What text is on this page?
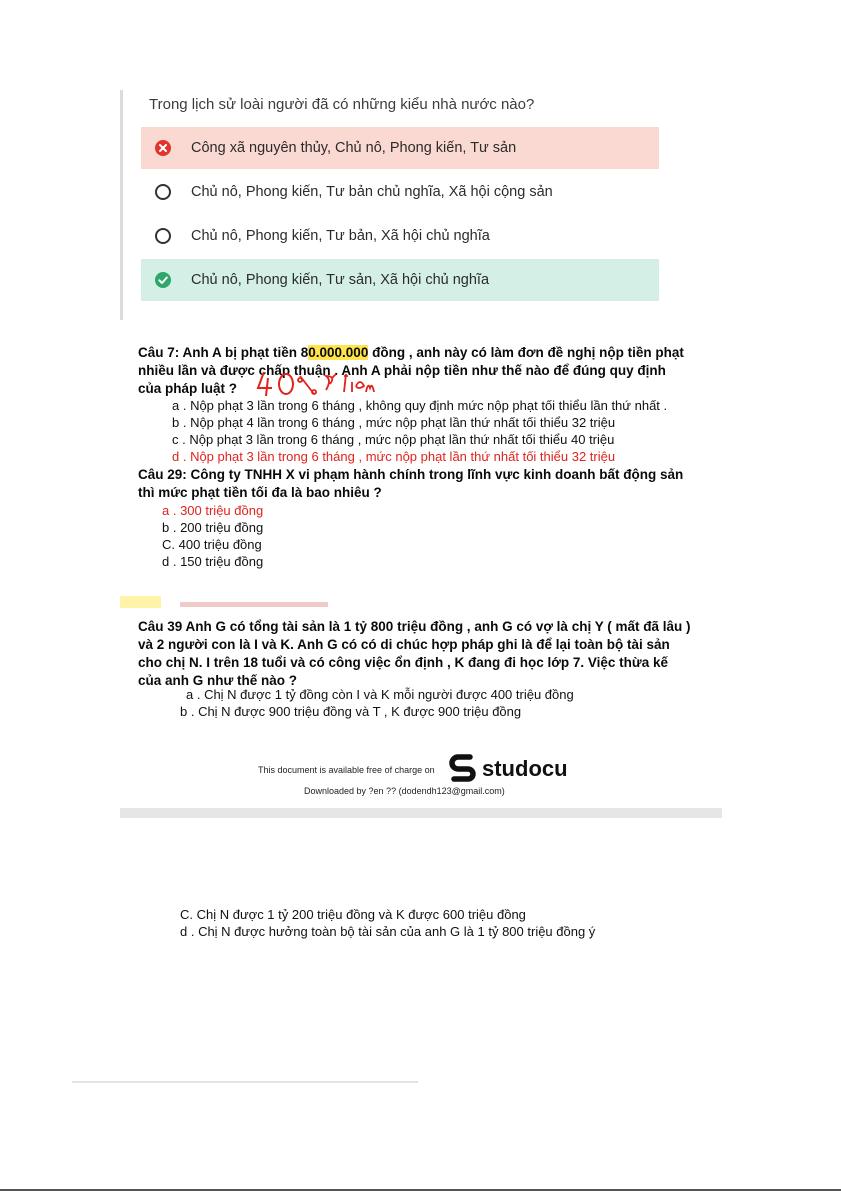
Trong lịch sử loài người đã có những kiểu nhà nước nào?
Công xã nguyên thủy, Chủ nô, Phong kiến, Tư sản
Chủ nô, Phong kiến, Tư bản chủ nghĩa, Xã hội cộng sản
Chủ nô, Phong kiến, Tư bản, Xã hội chủ nghĩa
Chủ nô, Phong kiến, Tư sản, Xã hội chủ nghĩa
Câu 7: Anh A bị phạt tiền 80.000.000 đồng , anh này có làm đơn đề nghị nộp tiền phạt
nhiều lần và được chấp thuận . Anh A phải nộp tiền như thế nào để đúng quy định
của pháp luật ?
a . Nộp phạt 3 lần trong 6 tháng , không quy định mức nộp phạt tối thiểu lần thứ nhất .
b . Nộp phạt 4 lần trong 6 tháng , mức nộp phạt lần thứ nhất tối thiểu 32 triệu
c . Nộp phạt 3 lần trong 6 tháng , mức nộp phạt lần thứ nhất tối thiểu 40 triệu
d . Nộp phạt 3 lần trong 6 tháng , mức nộp phạt lần thứ nhất tối thiểu 32 triệu
Câu 29: Công ty TNHH X vi phạm hành chính trong lĩnh vực kinh doanh bất động sản
thì mức phạt tiền tối đa là bao nhiêu ?
a . 300 triệu đồng
b . 200 triệu đồng
C. 400 triệu đồng
d . 150 triệu đồng
Câu 39 Anh G có tổng tài sản là 1 tỷ 800 triệu đồng , anh G có vợ là chị Y ( mất đã lâu )
và 2 người con là I và K. Anh G có có di chúc hợp pháp ghi là để lại toàn bộ tài sản
cho chị N. I trên 18 tuổi và có công việc ổn định , K đang đi học lớp 7. Việc thừa kế
của anh G như thế nào ?
a . Chị N được 1 tỷ đồng còn I và K mỗi người được 400 triệu đồng
b . Chị N được 900 triệu đồng và T , K được 900 triệu đồng
This document is available free of charge on studocu
Downloaded by ?en ?? (dodendh123@gmail.com)
C. Chị N được 1 tỷ 200 triệu đồng và K được 600 triệu đồng
d . Chị N được hưởng toàn bộ tài sản của anh G là 1 tỷ 800 triệu đồng ý
